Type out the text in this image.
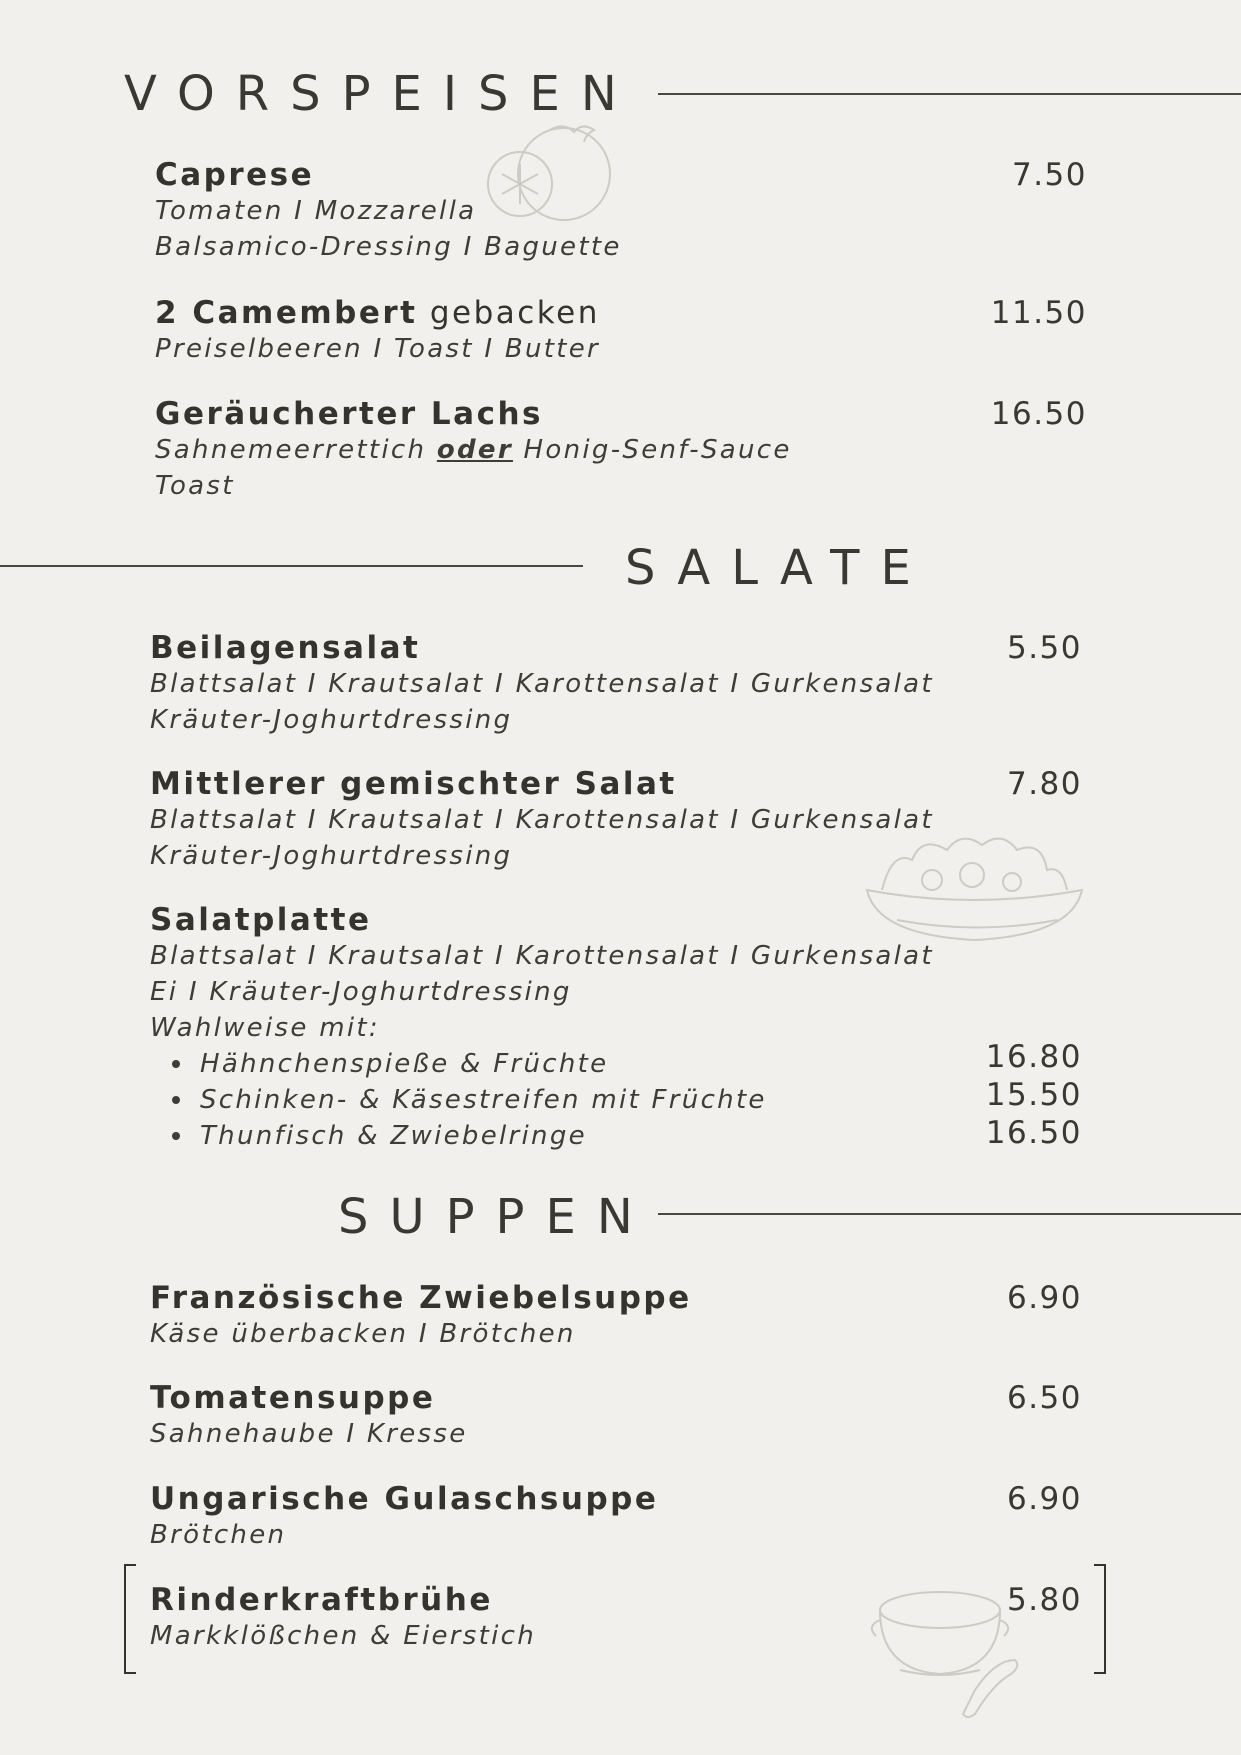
VORSPEISEN
Caprese
Tomaten I Mozzarella
Balsamico-Dressing I Baguette
7.50
2 Camembert gebacken
Preiselbeeren I Toast I Butter
11.50
Geräucherter Lachs
Sahnemeerrettich oder Honig-Senf-Sauce
Toast
16.50
SALATE
Beilagensalat
Blattsalat I Krautsalat I Karottensalat I Gurkensalat
Kräuter-Joghurtdressing
5.50
Mittlerer gemischter Salat
Blattsalat I Krautsalat I Karottensalat I Gurkensalat
Kräuter-Joghurtdressing
7.80
Salatplatte
Blattsalat I Krautsalat I Karottensalat I Gurkensalat
Ei I Kräuter-Joghurtdressing
Wahlweise mit:
Hähnchenspieße & Früchte
Schinken- & Käsestreifen mit Früchte
Thunfisch & Zwiebelringe
16.80
15.50
16.50
SUPPEN
Französische Zwiebelsuppe
Käse überbacken I Brötchen
6.90
Tomatensuppe
Sahnehaube I Kresse
6.50
Ungarische Gulaschsuppe
Brötchen
6.90
Rinderkraftbrühe
Markklößchen & Eierstich
5.80
